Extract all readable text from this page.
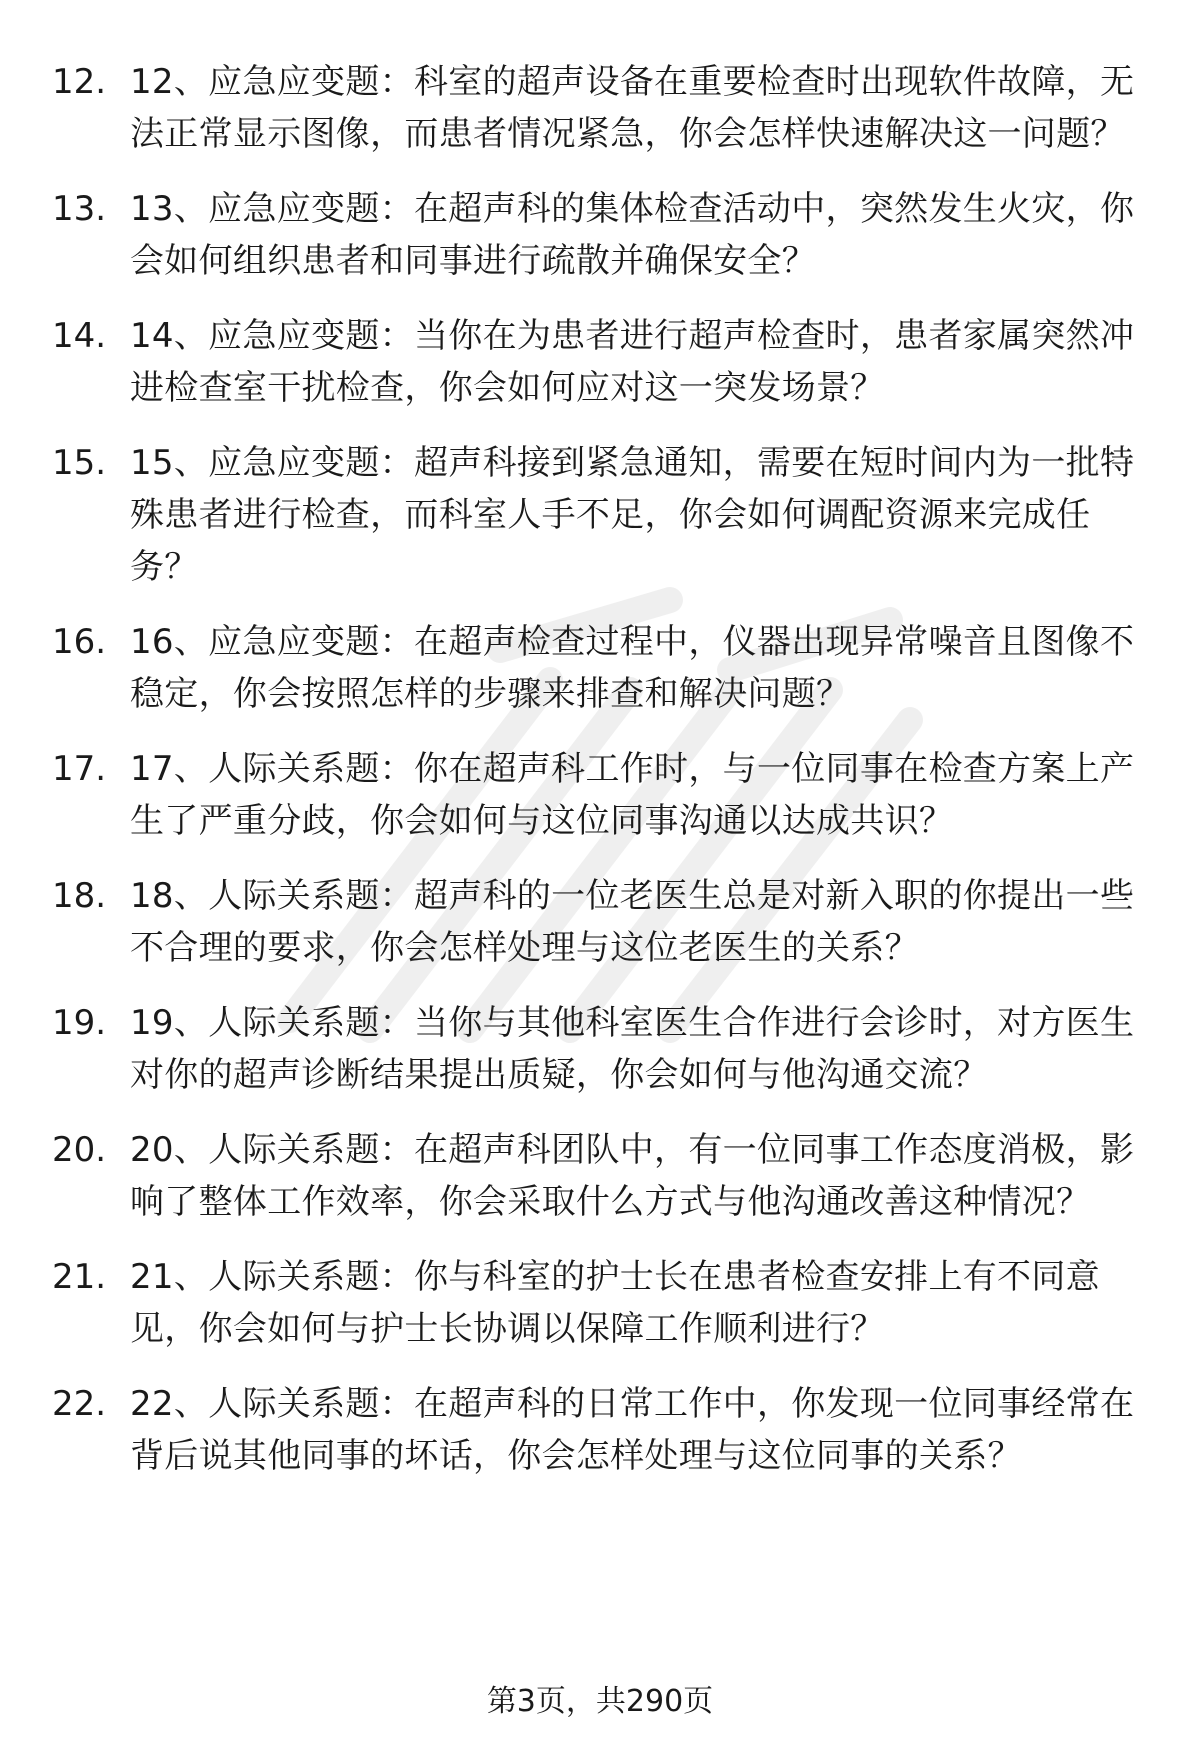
12. 12、应急应变题：科室的超声设备在重要检查时出现软件故障，无法正常显示图像，而患者情况紧急，你会怎样快速解决这一问题？
13. 13、应急应变题：在超声科的集体检查活动中，突然发生火灾，你会如何组织患者和同事进行疏散并确保安全？
14. 14、应急应变题：当你在为患者进行超声检查时，患者家属突然冲进检查室干扰检查，你会如何应对这一突发场景？
15. 15、应急应变题：超声科接到紧急通知，需要在短时间内为一批特殊患者进行检查，而科室人手不足，你会如何调配资源来完成任务？
16. 16、应急应变题：在超声检查过程中，仪器出现异常噪音且图像不稳定，你会按照怎样的步骤来排查和解决问题？
17. 17、人际关系题：你在超声科工作时，与一位同事在检查方案上产生了严重分歧，你会如何与这位同事沟通以达成共识？
18. 18、人际关系题：超声科的一位老医生总是对新入职的你提出一些不合理的要求，你会怎样处理与这位老医生的关系？
19. 19、人际关系题：当你与其他科室医生合作进行会诊时，对方医生对你的超声诊断结果提出质疑，你会如何与他沟通交流？
20. 20、人际关系题：在超声科团队中，有一位同事工作态度消极，影响了整体工作效率，你会采取什么方式与他沟通改善这种情况？
21. 21、人际关系题：你与科室的护士长在患者检查安排上有不同意见，你会如何与护士长协调以保障工作顺利进行？
22. 22、人际关系题：在超声科的日常工作中，你发现一位同事经常在背后说其他同事的坏话，你会怎样处理与这位同事的关系？
第3页，共290页
